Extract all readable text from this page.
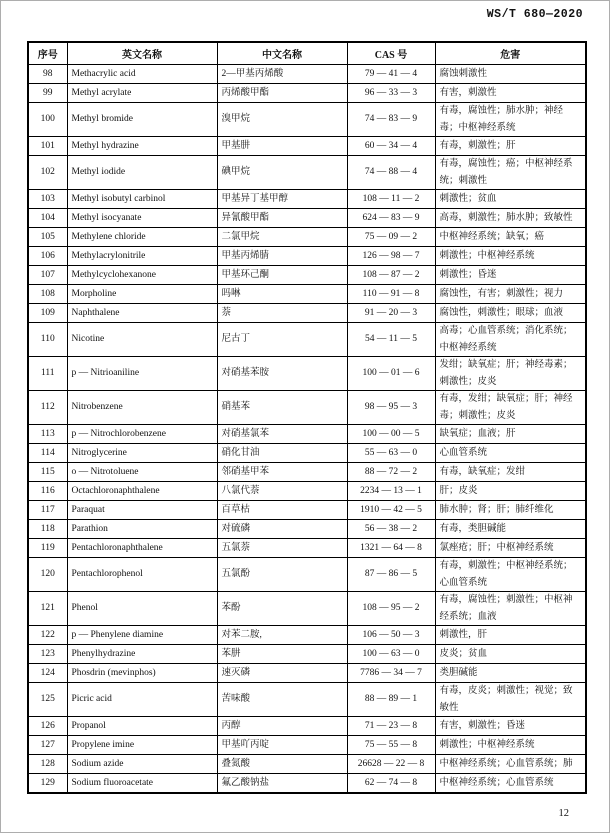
WS/T 680—2020
序号	英文名称	中文名称	CAS 号	危害
98	Methacrylic acid	2—甲基丙烯酸	79 — 41 — 4	腐蚀刺激性
99	Methyl acrylate	丙烯酸甲酯	96 — 33 — 3	有害，刺激性
100	Methyl bromide	溴甲烷	74 — 83 — 9	有毒，腐蚀性；肺水肿；神经毒；中枢神经系统
101	Methyl hydrazine	甲基肼	60 — 34 — 4	有毒，刺激性；肝
102	Methyl iodide	碘甲烷	74 — 88 — 4	有毒，腐蚀性；癌；中枢神经系统；刺激性
103	Methyl isobutyl carbinol	甲基异丁基甲醇	108 — 11 — 2	刺激性；贫血
104	Methyl isocyanate	异氰酸甲酯	624 — 83 — 9	高毒，刺激性；肺水肿；致敏性
105	Methylene chloride	二氯甲烷	75 — 09 — 2	中枢神经系统；缺氧；癌
106	Methylacrylonitrile	甲基丙烯腈	126 — 98 — 7	刺激性；中枢神经系统
107	Methylcyclohexanone	甲基环己酮	108 — 87 — 2	刺激性；昏迷
108	Morpholine	吗啉	110 — 91 — 8	腐蚀性，有害；刺激性；视力
109	Naphthalene	萘	91 — 20 — 3	腐蚀性，刺激性；眼球；血液
110	Nicotine	尼古丁	54 — 11 — 5	高毒；心血管系统；消化系统；中枢神经系统
111	p — Nitrioaniline	对硝基苯胺	100 — 01 — 6	发绀；缺氧症；肝；神经毒素；刺激性；皮炎
112	Nitrobenzene	硝基苯	98 — 95 — 3	有毒，发绀；缺氧症；肝；神经毒；刺激性；皮炎
113	p — Nitrochlorobenzene	对硝基氯苯	100 — 00 — 5	缺氧症；血液；肝
114	Nitroglycerine	硝化甘油	55 — 63 — 0	心血管系统
115	o — Nitrotoluene	邻硝基甲苯	88 — 72 — 2	有毒，缺氧症；发绀
116	Octachloronaphthalene	八氯代萘	2234 — 13 — 1	肝；皮炎
117	Paraquat	百草枯	1910 — 42 — 5	肺水肿；肾；肝；肺纤维化
118	Parathion	对硫磷	56 — 38 — 2	有毒，类胆碱能
119	Pentachloronaphthalene	五氯萘	1321 — 64 — 8	氯痤疮；肝；中枢神经系统
120	Pentachlorophenol	五氯酚	87 — 86 — 5	有毒，刺激性；中枢神经系统；心血管系统
121	Phenol	苯酚	108 — 95 — 2	有毒，腐蚀性；刺激性；中枢神经系统；血液
122	p — Phenylene diamine	对苯二胺,	106 — 50 — 3	刺激性，肝
123	Phenylhydrazine	苯肼	100 — 63 — 0	皮炎；贫血
124	Phosdrin (mevinphos)	速灭磷	7786 — 34 — 7	类胆碱能
125	Picric acid	苦味酸	88 — 89 — 1	有毒，皮炎；刺激性；视觉；致敏性
126	Propanol	丙醇	71 — 23 — 8	有害，刺激性；昏迷
127	Propylene imine	甲基吖丙啶	75 — 55 — 8	刺激性；中枢神经系统
128	Sodium azide	叠氮酸	26628 — 22 — 8	中枢神经系统；心血管系统；肺
129	Sodium fluoroacetate	氟乙酸钠盐	62 — 74 — 8	中枢神经系统；心血管系统
12
